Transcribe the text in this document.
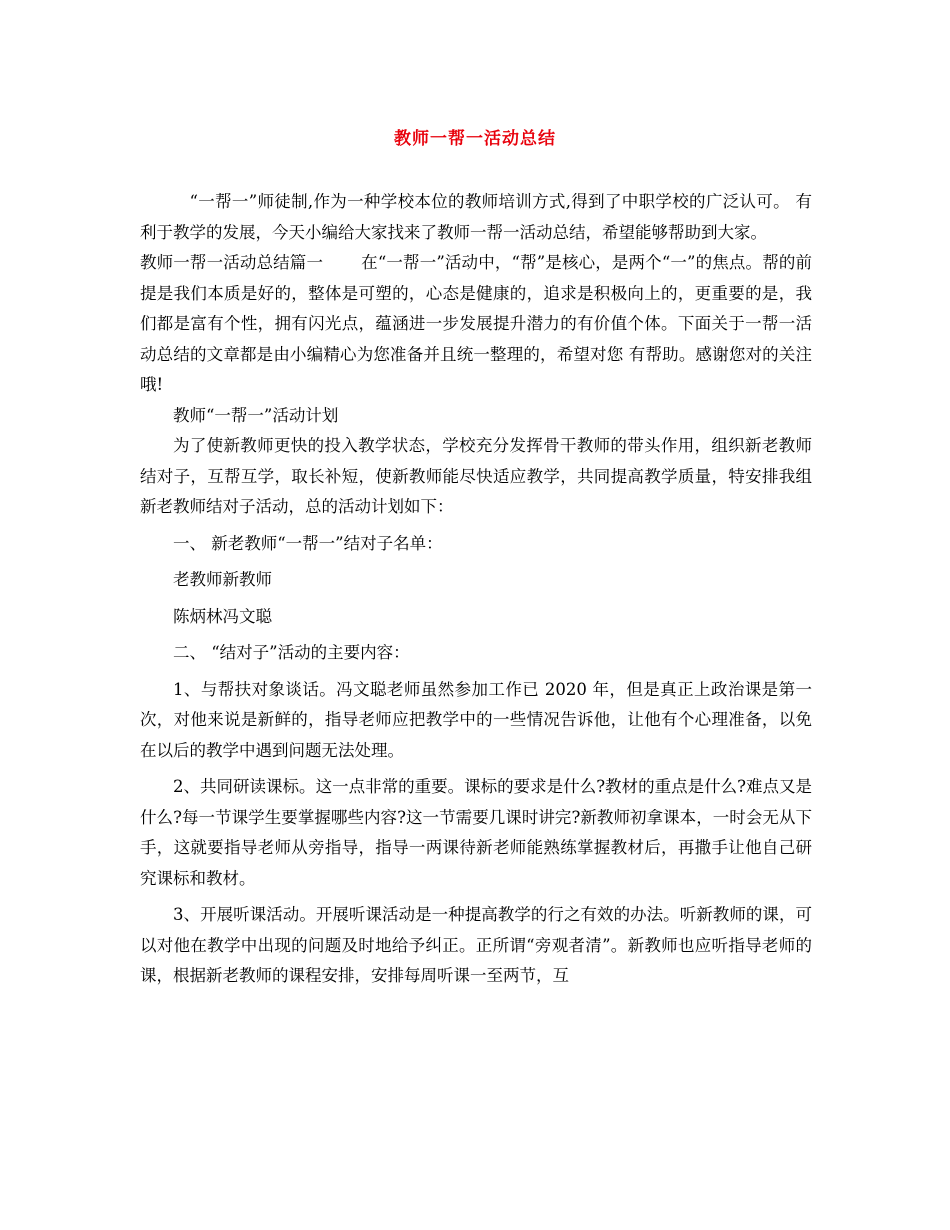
教师一帮一活动总结

“一帮一”师徒制,作为一种学校本位的教师培训方式,得到了中职学校的广泛认可。 有利于教学的发展，今天小编给大家找来了教师一帮一活动总结，希望能够帮助到大家。

教师一帮一活动总结篇一 在“一帮一”活动中，“帮”是核心，是两个“一”的焦点。帮的前提是我们本质是好的，整体是可塑的，心态是健康的，追求是积极向上的，更重要的是，我们都是富有个性，拥有闪光点，蕴涵进一步发展提升潜力的有价值个体。下面关于一帮一活动总结的文章都是由小编精心为您准备并且统一整理的，希望对您 有帮助。感谢您对的关注哦!

教师“一帮一”活动计划

为了使新教师更快的投入教学状态，学校充分发挥骨干教师的带头作用，组织新老教师结对子，互帮互学，取长补短，使新教师能尽快适应教学，共同提高教学质量，特安排我组新老教师结对子活动，总的活动计划如下：

一、 新老教师“一帮一”结对子名单：

老教师新教师

陈炳林冯文聪

二、 “结对子”活动的主要内容：

1、与帮扶对象谈话。冯文聪老师虽然参加工作已 2020 年，但是真正上政治课是第一次，对他来说是新鲜的，指导老师应把教学中的一些情况告诉他，让他有个心理准备，以免在以后的教学中遇到问题无法处理。

2、共同研读课标。这一点非常的重要。课标的要求是什么?教材的重点是什么?难点又是什么?每一节课学生要掌握哪些内容?这一节需要几课时讲完?新教师初拿课本，一时会无从下手，这就要指导老师从旁指导，指导一两课待新老师能熟练掌握教材后，再撒手让他自己研究课标和教材。

3、开展听课活动。开展听课活动是一种提高教学的行之有效的办法。听新教师的课，可以对他在教学中出现的问题及时地给予纠正。正所谓“旁观者清”。新教师也应听指导老师的课，根据新老教师的课程安排，安排每周听课一至两节，互
